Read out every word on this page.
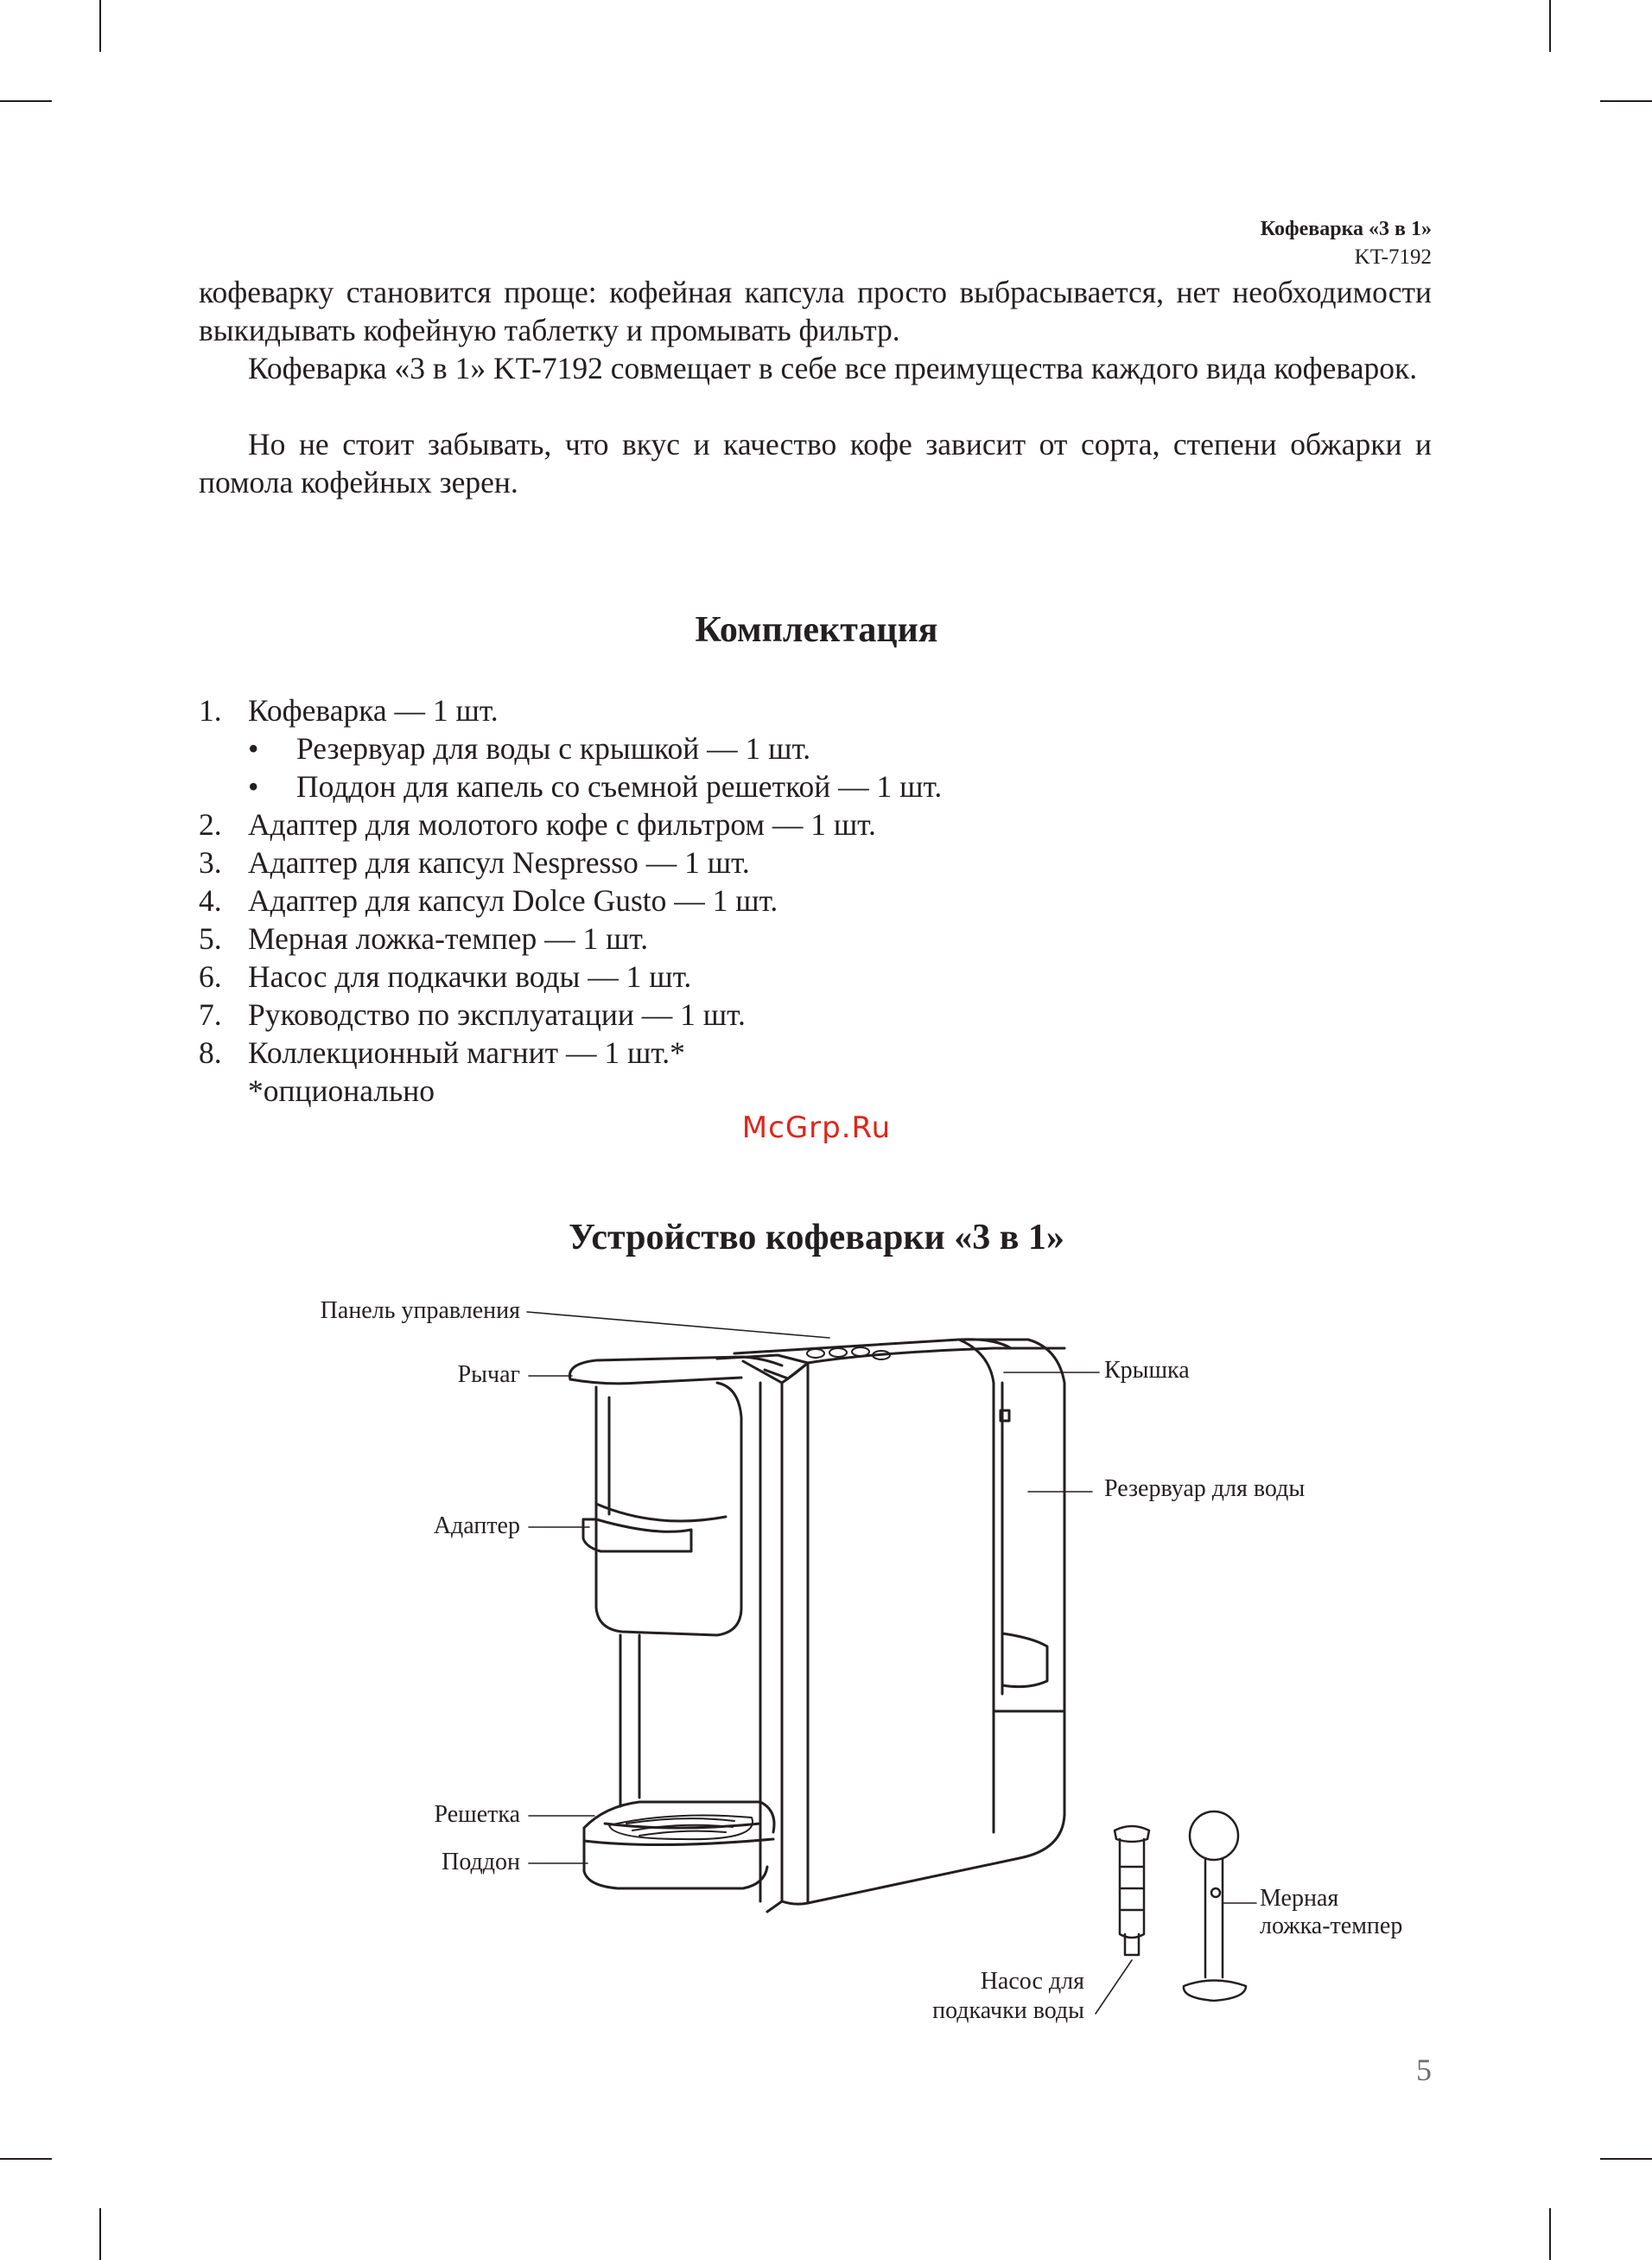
Кофеварка «3 в 1»
KT-7192

кофеварку становится проще: кофейная капсула просто выбрасывается, нет необходимости выкидывать кофейную таблетку и промывать фильтр.

Кофеварка «3 в 1» KT-7192 совмещает в себе все преимущества каждого вида кофеварок.

Но не стоит забывать, что вкус и качество кофе зависит от сорта, степени обжарки и помола кофейных зерен.

Комплектация
1. Кофеварка — 1 шт.
• Резервуар для воды с крышкой — 1 шт.
• Поддон для капель со съемной решеткой — 1 шт.
2. Адаптер для молотого кофе с фильтром — 1 шт.
3. Адаптер для капсул Nespresso — 1 шт.
4. Адаптер для капсул Dolce Gusto — 1 шт.
5. Мерная ложка-темпер — 1 шт.
6. Насос для подкачки воды — 1 шт.
7. Руководство по эксплуатации — 1 шт.
8. Коллекционный магнит — 1 шт.*
*опционально
McGrp.Ru
Устройство кофеварки «3 в 1»
Панель управления
Рычаг
Адаптер
Решетка
Поддон
Крышка
Резервуар для воды
Мерная
ложка-темпер
Насос для
подкачки воды
5
